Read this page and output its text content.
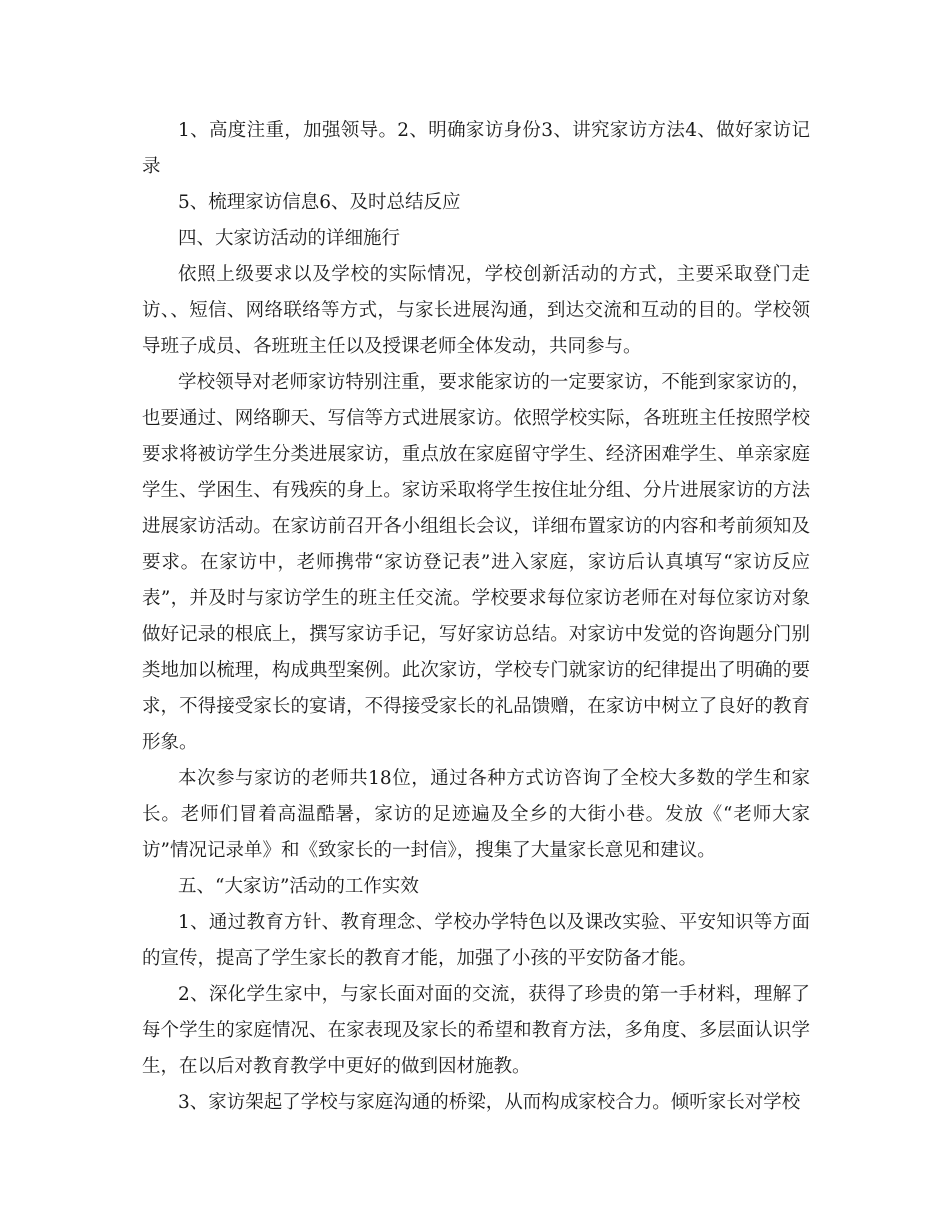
1、高度注重，加强领导。2、明确家访身份3、讲究家访方法4、做好家访记录

5、梳理家访信息6、及时总结反应

四、大家访活动的详细施行

依照上级要求以及学校的实际情况，学校创新活动的方式，主要采取登门走访、、短信、网络联络等方式，与家长进展沟通，到达交流和互动的目的。学校领导班子成员、各班班主任以及授课老师全体发动，共同参与。

学校领导对老师家访特别注重，要求能家访的一定要家访，不能到家家访的，也要通过、网络聊天、写信等方式进展家访。依照学校实际，各班班主任按照学校要求将被访学生分类进展家访，重点放在家庭留守学生、经济困难学生、单亲家庭学生、学困生、有残疾的身上。家访采取将学生按住址分组、分片进展家访的方法进展家访活动。在家访前召开各小组组长会议，详细布置家访的内容和考前须知及要求。在家访中，老师携带“家访登记表”进入家庭，家访后认真填写“家访反应表”，并及时与家访学生的班主任交流。学校要求每位家访老师在对每位家访对象做好记录的根底上，撰写家访手记，写好家访总结。对家访中发觉的咨询题分门别类地加以梳理，构成典型案例。此次家访，学校专门就家访的纪律提出了明确的要求，不得接受家长的宴请，不得接受家长的礼品馈赠，在家访中树立了良好的教育形象。

本次参与家访的老师共18位，通过各种方式访咨询了全校大多数的学生和家长。老师们冒着高温酷暑，家访的足迹遍及全乡的大街小巷。发放《“老师大家访”情况记录单》和《致家长的一封信》，搜集了大量家长意见和建议。

五、“大家访”活动的工作实效

1、通过教育方针、教育理念、学校办学特色以及课改实验、平安知识等方面的宣传，提高了学生家长的教育才能，加强了小孩的平安防备才能。

2、深化学生家中，与家长面对面的交流，获得了珍贵的第一手材料，理解了每个学生的家庭情况、在家表现及家长的希望和教育方法，多角度、多层面认识学生，在以后对教育教学中更好的做到因材施教。

3、家访架起了学校与家庭沟通的桥梁，从而构成家校合力。倾听家长对学校
